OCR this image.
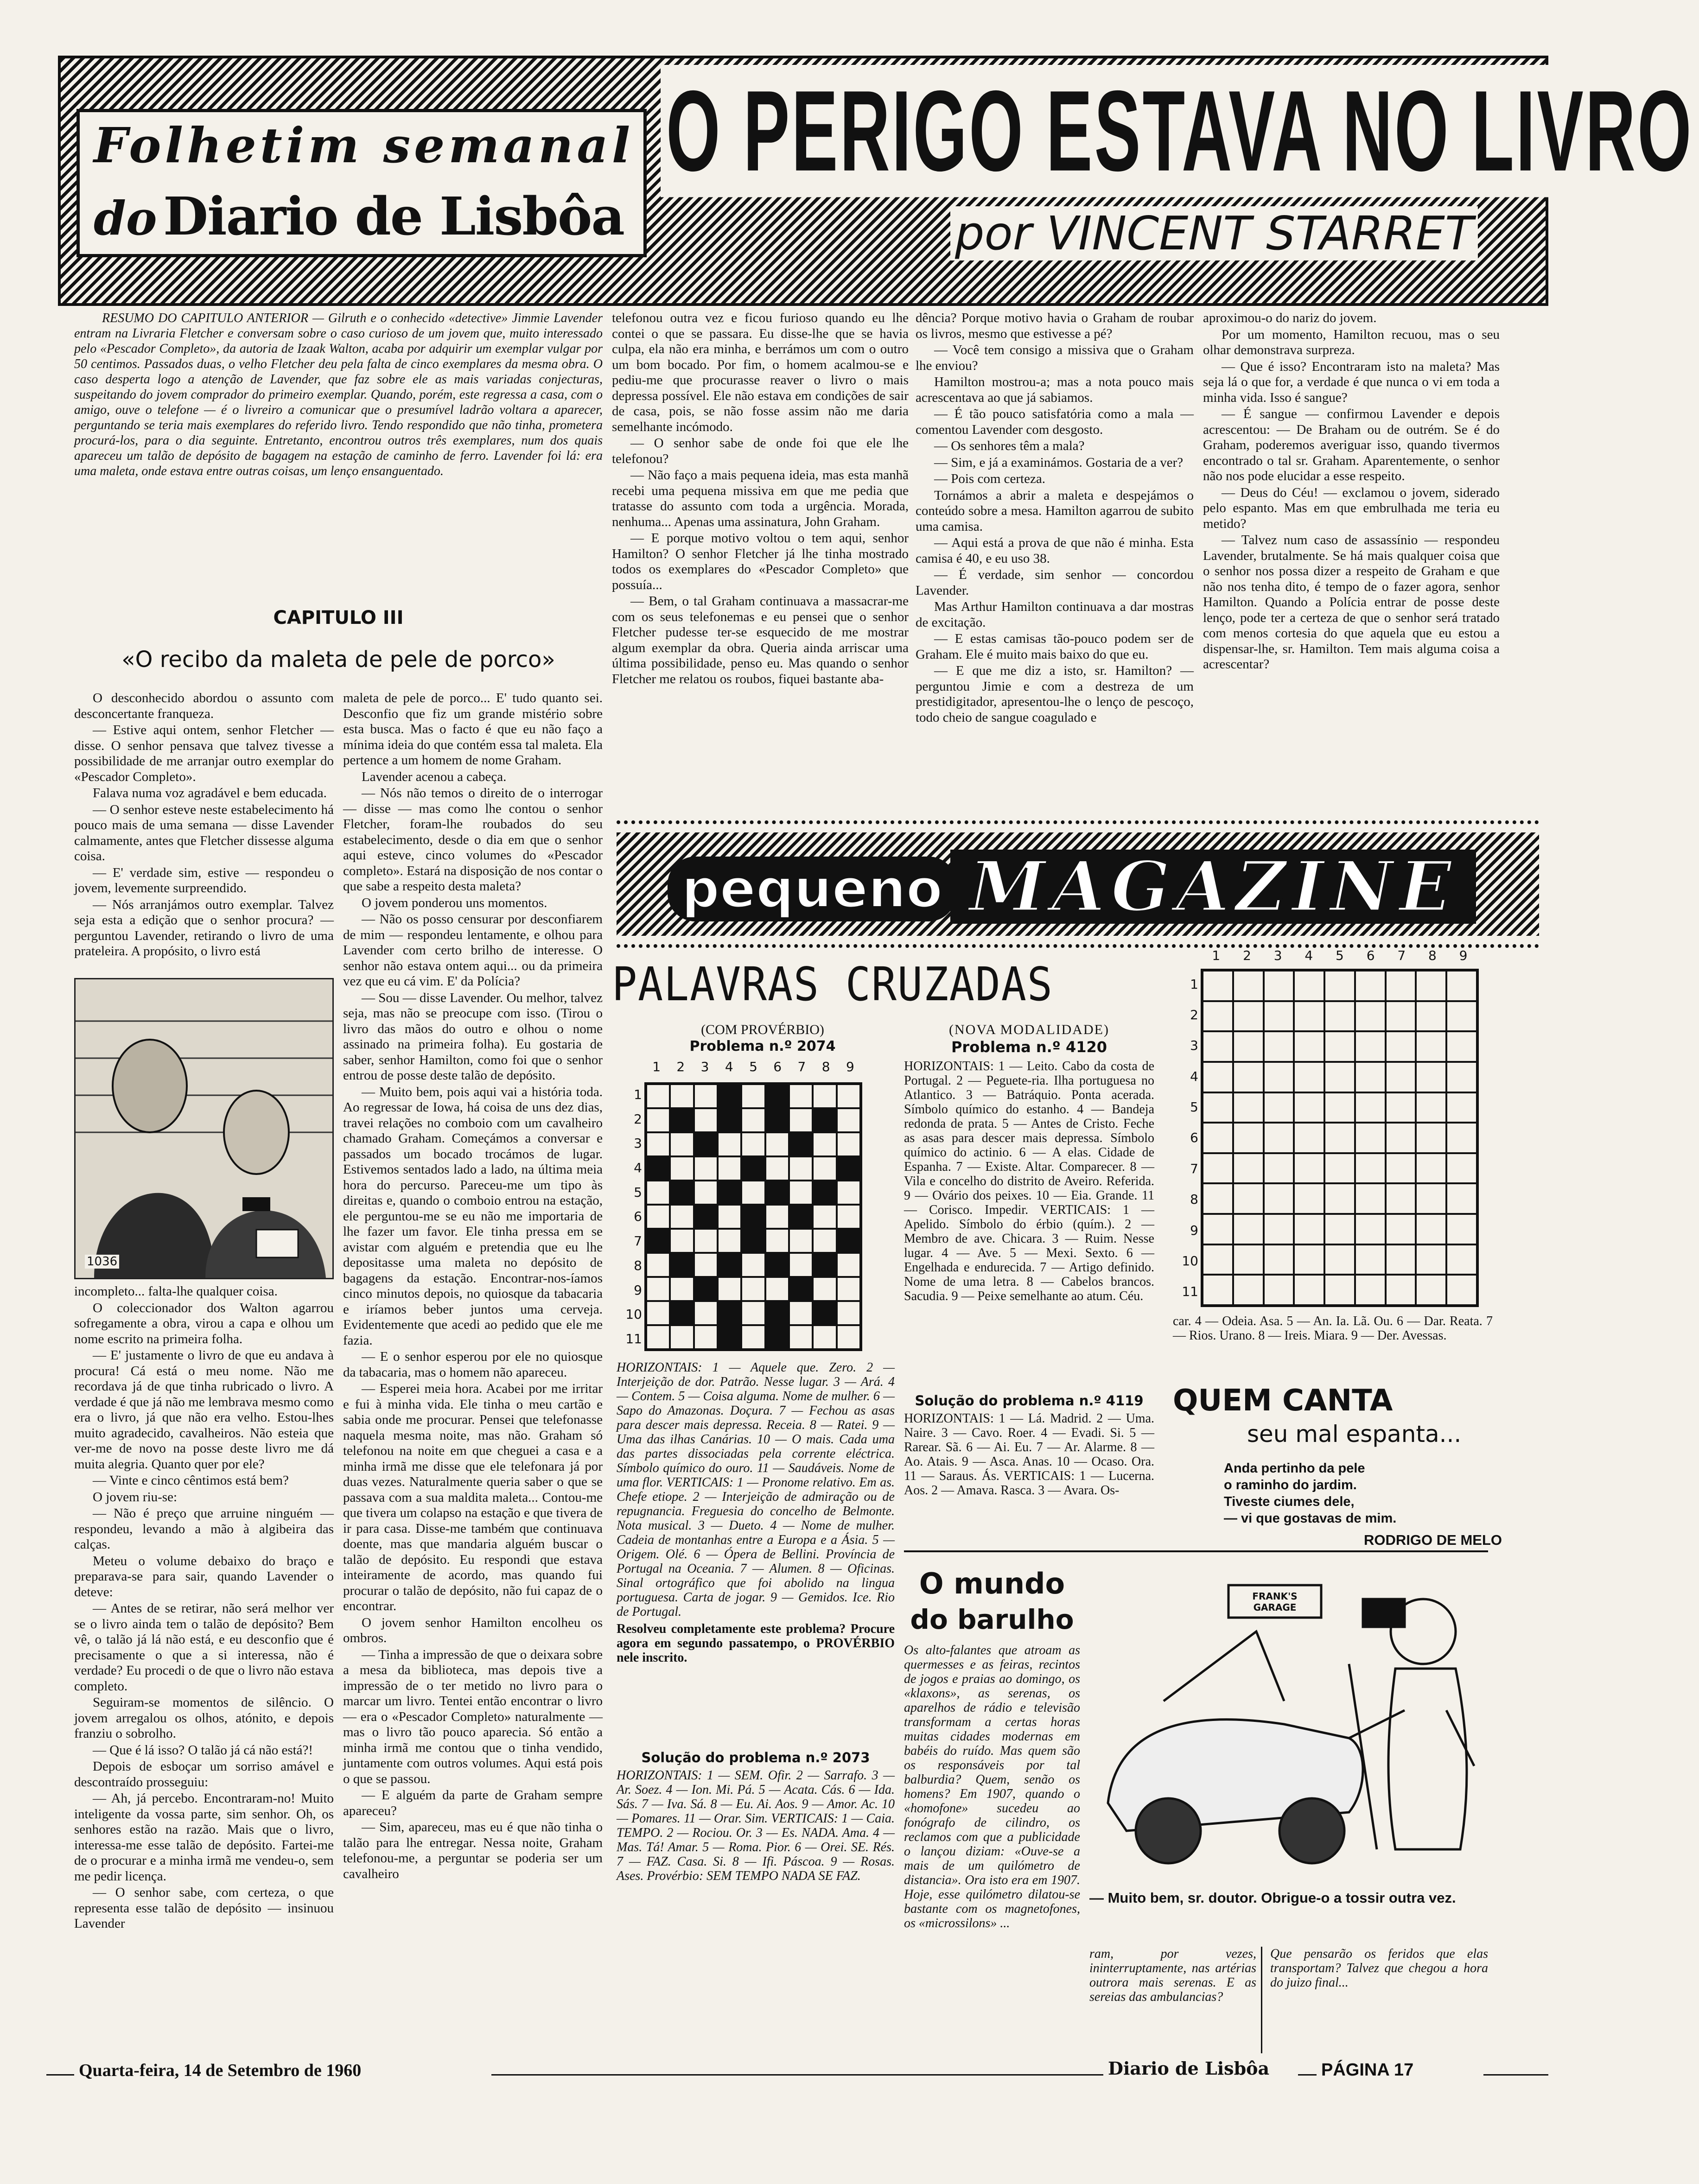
Folhetim semanal
do Diario de Lisbôa
O PERIGO ESTAVA NO LIVRO
por VINCENT STARRET

RESUMO DO CAPITULO ANTERIOR — Gilruth e o conhecido «detective» Jimmie Lavender entram na Livraria Fletcher e conversam sobre o caso curioso de um jovem que, muito interessado pelo «Pescador Completo», da autoria de Izaak Walton, acaba por adquirir um exemplar vulgar por 50 centimos. Passados duas, o velho Fletcher deu pela falta de cinco exemplares da mesma obra. O caso desperta logo a atenção de Lavender, que faz sobre ele as mais variadas conjecturas, suspeitando do jovem comprador do primeiro exemplar. Quando, porém, este regressa a casa, com o amigo, ouve o telefone — é o livreiro a comunicar que o presumível ladrão voltara a aparecer, perguntando se teria mais exemplares do referido livro. Tendo respondido que não tinha, prometera procurá-los, para o dia seguinte. Entretanto, encontrou outros três exemplares, num dos quais apareceu um talão de depósito de bagagem na estação de caminho de ferro. Lavender foi lá: era uma maleta, onde estava entre outras coisas, um lenço ensanguentado.

CAPITULO III
«O recibo da maleta de pele de porco»

O desconhecido abordou o assunto com desconcertante franqueza.

— Estive aqui ontem, senhor Fletcher — disse. O senhor pensava que talvez tivesse a possibilidade de me arranjar outro exemplar do «Pescador Completo».

Falava numa voz agradável e bem educada.

— O senhor esteve neste estabelecimento há pouco mais de uma semana — disse Lavender calmamente, antes que Fletcher dissesse alguma coisa.

— E' verdade sim, estive — respondeu o jovem, levemente surpreendido.

— Nós arranjámos outro exemplar. Talvez seja esta a edição que o senhor procura? — perguntou Lavender, retirando o livro de uma prateleira. A propósito, o livro está

1036

incompleto... falta-lhe qualquer coisa.

O coleccionador dos Walton agarrou sofregamente a obra, virou a capa e olhou um nome escrito na primeira folha.

— E' justamente o livro de que eu andava à procura! Cá está o meu nome. Não me recordava já de que tinha rubricado o livro. A verdade é que já não me lembrava mesmo como era o livro, já que não era velho. Estou-lhes muito agradecido, cavalheiros. Não esteia que ver-me de novo na posse deste livro me dá muita alegria. Quanto quer por ele?

— Vinte e cinco cêntimos está bem?

O jovem riu-se:

— Não é preço que arruine ninguém — respondeu, levando a mão à algibeira das calças.

Meteu o volume debaixo do braço e preparava-se para sair, quando Lavender o deteve:

— Antes de se retirar, não será melhor ver se o livro ainda tem o talão de depósito? Bem vê, o talão já lá não está, e eu desconfio que é precisamente o que a si interessa, não é verdade? Eu procedi o de que o livro não estava completo.

Seguiram-se momentos de silêncio. O jovem arregalou os olhos, atónito, e depois franziu o sobrolho.

— Que é lá isso? O talão já cá não está?!

Depois de esboçar um sorriso amável e descontraído prosseguiu:

— Ah, já percebo. Encontraram-no! Muito inteligente da vossa parte, sim senhor. Oh, os senhores estão na razão. Mais que o livro, interessa-me esse talão de depósito. Fartei-me de o procurar e a minha irmã me vendeu-o, sem me pedir licença.

— O senhor sabe, com certeza, o que representa esse talão de depósito — insinuou Lavender

maleta de pele de porco... E' tudo quanto sei. Desconfio que fiz um grande mistério sobre esta busca. Mas o facto é que eu não faço a mínima ideia do que contém essa tal maleta. Ela pertence a um homem de nome Graham.

Lavender acenou a cabeça.

— Nós não temos o direito de o interrogar — disse — mas como lhe contou o senhor Fletcher, foram-lhe roubados do seu estabelecimento, desde o dia em que o senhor aqui esteve, cinco volumes do «Pescador completo». Estará na disposição de nos contar o que sabe a respeito desta maleta?

O jovem ponderou uns momentos.

— Não os posso censurar por desconfiarem de mim — respondeu lentamente, e olhou para Lavender com certo brilho de interesse. O senhor não estava ontem aqui... ou da primeira vez que eu cá vim. E' da Polícia?

— Sou — disse Lavender. Ou melhor, talvez seja, mas não se preocupe com isso. (Tirou o livro das mãos do outro e olhou o nome assinado na primeira folha). Eu gostaria de saber, senhor Hamilton, como foi que o senhor entrou de posse deste talão de depósito.

— Muito bem, pois aqui vai a história toda. Ao regressar de Iowa, há coisa de uns dez dias, travei relações no comboio com um cavalheiro chamado Graham. Começámos a conversar e passados um bocado trocámos de lugar. Estivemos sentados lado a lado, na última meia hora do percurso. Pareceu-me um tipo às direitas e, quando o comboio entrou na estação, ele perguntou-me se eu não me importaria de lhe fazer um favor. Ele tinha pressa em se avistar com alguém e pretendia que eu lhe depositasse uma maleta no depósito de bagagens da estação. Encontrar-nos-íamos cinco minutos depois, no quiosque da tabacaria e iríamos beber juntos uma cerveja. Evidentemente que acedi ao pedido que ele me fazia.

— E o senhor esperou por ele no quiosque da tabacaria, mas o homem não apareceu.

— Esperei meia hora. Acabei por me irritar e fui à minha vida. Ele tinha o meu cartão e sabia onde me procurar. Pensei que telefonasse naquela mesma noite, mas não. Graham só telefonou na noite em que cheguei a casa e a minha irmã me disse que ele telefonara já por duas vezes. Naturalmente queria saber o que se passava com a sua maldita maleta... Contou-me que tivera um colapso na estação e que tivera de ir para casa. Disse-me também que continuava doente, mas que mandaria alguém buscar o talão de depósito. Eu respondi que estava inteiramente de acordo, mas quando fui procurar o talão de depósito, não fui capaz de o encontrar.

O jovem senhor Hamilton encolheu os ombros.

— Tinha a impressão de que o deixara sobre a mesa da biblioteca, mas depois tive a impressão de o ter metido no livro para o marcar um livro. Tentei então encontrar o livro — era o «Pescador Completo» naturalmente — mas o livro tão pouco aparecia. Só então a minha irmã me contou que o tinha vendido, juntamente com outros volumes. Aqui está pois o que se passou.

— E alguém da parte de Graham sempre apareceu?

— Sim, apareceu, mas eu é que não tinha o talão para lhe entregar. Nessa noite, Graham telefonou-me, a perguntar se poderia ser um cavalheiro

telefonou outra vez e ficou furioso quando eu lhe contei o que se passara. Eu disse-lhe que se havia culpa, ela não era minha, e berrámos um com o outro um bom bocado. Por fim, o homem acalmou-se e pediu-me que procurasse reaver o livro o mais depressa possível. Ele não estava em condições de sair de casa, pois, se não fosse assim não me daria semelhante incómodo.

— O senhor sabe de onde foi que ele lhe telefonou?

— Não faço a mais pequena ideia, mas esta manhã recebi uma pequena missiva em que me pedia que tratasse do assunto com toda a urgência. Morada, nenhuma... Apenas uma assinatura, John Graham.

— E porque motivo voltou o tem aqui, senhor Hamilton? O senhor Fletcher já lhe tinha mostrado todos os exemplares do «Pescador Completo» que possuía...

— Bem, o tal Graham continuava a massacrar-me com os seus telefonemas e eu pensei que o senhor Fletcher pudesse ter-se esquecido de me mostrar algum exemplar da obra. Queria ainda arriscar uma última possibilidade, penso eu. Mas quando o senhor Fletcher me relatou os roubos, fiquei bastante aba-

dência? Porque motivo havia o Graham de roubar os livros, mesmo que estivesse a pé?

— Você tem consigo a missiva que o Graham lhe enviou?

Hamilton mostrou-a; mas a nota pouco mais acrescentava ao que já sabiamos.

— É tão pouco satisfatória como a mala — comentou Lavender com desgosto.

— Os senhores têm a mala?

— Sim, e já a examinámos. Gostaria de a ver?

— Pois com certeza.

Tornámos a abrir a maleta e despejámos o conteúdo sobre a mesa. Hamilton agarrou de subito uma camisa.

— Aqui está a prova de que não é minha. Esta camisa é 40, e eu uso 38.

— É verdade, sim senhor — concordou Lavender.

Mas Arthur Hamilton continuava a dar mostras de excitação.

— E estas camisas tão-pouco podem ser de Graham. Ele é muito mais baixo do que eu.

— E que me diz a isto, sr. Hamilton? — perguntou Jimie e com a destreza de um prestidigitador, apresentou-lhe o lenço de pescoço, todo cheio de sangue coagulado e

aproximou-o do nariz do jovem.

Por um momento, Hamilton recuou, mas o seu olhar demonstrava surpreza.

— Que é isso? Encontraram isto na maleta? Mas seja lá o que for, a verdade é que nunca o vi em toda a minha vida. Isso é sangue?

— É sangue — confirmou Lavender e depois acrescentou: — De Braham ou de outrém. Se é do Graham, poderemos averiguar isso, quando tivermos encontrado o tal sr. Graham. Aparentemente, o senhor não nos pode elucidar a esse respeito.

— Deus do Céu! — exclamou o jovem, siderado pelo espanto. Mas em que embrulhada me teria eu metido?

— Talvez num caso de assassínio — respondeu Lavender, brutalmente. Se há mais qualquer coisa que o senhor nos possa dizer a respeito de Graham e que não nos tenha dito, é tempo de o fazer agora, senhor Hamilton. Quando a Polícia entrar de posse deste lenço, pode ter a certeza de que o senhor será tratado com menos cortesia do que aquela que eu estou a dispensar-lhe, sr. Hamilton. Tem mais alguma coisa a acrescentar?

pequeno MAGAZINE
PALAVRAS CRUZADAS
(COM PROVÉRBIO)
Problema n.º 2074
1 2 3 4 5 6 7 8 9
1
2
3
4
5
6
7
8
9
10
11
(NOVA MODALIDADE)
Problema n.º 4120
HORIZONTAIS: 1 — Leito. Cabo da costa de Portugal. 2 — Peguete-ria. Ilha portuguesa no Atlantico. 3 — Batráquio. Ponta acerada. Símbolo químico do estanho. 4 — Bandeja redonda de prata. 5 — Antes de Cristo. Feche as asas para descer mais depressa. Símbolo químico do actinio. 6 — A elas. Cidade de Espanha. 7 — Existe. Altar. Comparecer. 8 — Vila e concelho do distrito de Aveiro. Referida. 9 — Ovário dos peixes. 10 — Eia. Grande. 11 — Corisco. Impedir. VERTICAIS: 1 — Apelido. Símbolo do érbio (quím.). 2 — Membro de ave. Chicara. 3 — Ruim. Nesse lugar. 4 — Ave. 5 — Mexi. Sexto. 6 — Engelhada e endurecida. 7 — Artigo definido. Nome de uma letra. 8 — Cabelos brancos. Sacudia. 9 — Peixe semelhante ao atum. Céu.
1 2 3 4 5 6 7 8 9
1
2
3
4
5
6
7
8
9
10
11
car. 4 — Odeia. Asa. 5 — An. Ia. Lã. Ou. 6 — Dar. Reata. 7 — Rios. Urano. 8 — Ireis. Miara. 9 — Der. Avessas.
HORIZONTAIS: 1 — Aquele que. Zero. 2 — Interjeição de dor. Patrão. Nesse lugar. 3 — Ará. 4 — Contem. 5 — Coisa alguma. Nome de mulher. 6 — Sapo do Amazonas. Doçura. 7 — Fechou as asas para descer mais depressa. Receia. 8 — Ratei. 9 — Uma das ilhas Canárias. 10 — O mais. Cada uma das partes dissociadas pela corrente eléctrica. Símbolo químico do ouro. 11 — Saudáveis. Nome de uma flor. VERTICAIS: 1 — Pronome relativo. Em as. Chefe etiope. 2 — Interjeição de admiração ou de repugnancia. Freguesia do concelho de Belmonte. Nota musical. 3 — Dueto. 4 — Nome de mulher. Cadeia de montanhas entre a Europa e a Ásia. 5 — Origem. Olé. 6 — Ópera de Bellini. Província de Portugal na Oceania. 7 — Alumen. 8 — Oficinas. Sinal ortográfico que foi abolido na lingua portuguesa. Carta de jogar. 9 — Gemidos. Ice. Rio de Portugal.
Resolveu completamente este problema? Procure agora em segundo passatempo, o PROVÉRBIO nele inscrito.
Solução do problema n.º 2073
HORIZONTAIS: 1 — SEM. Ofir. 2 — Sarrafo. 3 — Ar. Soez. 4 — Ion. Mi. Pá. 5 — Acata. Cás. 6 — Ida. Sás. 7 — Iva. Sá. 8 — Eu. Ai. Aos. 9 — Amor. Ac. 10 — Pomares. 11 — Orar. Sim. VERTICAIS: 1 — Caia. TEMPO. 2 — Rociou. Or. 3 — Es. NADA. Ama. 4 — Mas. Tá! Amar. 5 — Roma. Pior. 6 — Orei. SE. Rés. 7 — FAZ. Casa. Si. 8 — Ifi. Páscoa. 9 — Rosas. Ases. Provérbio: SEM TEMPO NADA SE FAZ.
Solução do problema n.º 4119
HORIZONTAIS: 1 — Lá. Madrid. 2 — Uma. Naire. 3 — Cavo. Roer. 4 — Evadi. Si. 5 — Rarear. Sã. 6 — Ai. Eu. 7 — Ar. Alarme. 8 — Ao. Atais. 9 — Asca. Anas. 10 — Ocaso. Ora. 11 — Saraus. Ás. VERTICAIS: 1 — Lucerna. Aos. 2 — Amava. Rasca. 3 — Avara. Os-
QUEM CANTA
seu mal espanta...
Anda pertinho da pele
o raminho do jardim.
Tiveste ciumes dele,
— vi que gostavas de mim.
RODRIGO DE MELO
O mundo
do barulho
Os alto-falantes que atroam as quermesses e as feiras, recintos de jogos e praias ao domingo, os «klaxons», as serenas, os aparelhos de rádio e televisão transformam a certas horas muitas cidades modernas em babéis do ruído. Mas quem são os responsáveis por tal balburdia? Quem, senão os homens? Em 1907, quando o «homofone» sucedeu ao fonógrafo de cilindro, os reclamos com que a publicidade o lançou diziam: «Ouve-se a mais de um quilómetro de distancia». Ora isto era em 1907. Hoje, esse quilómetro dilatou-se bastante com os magnetofones, os «microssilons» ...
FRANK'S GARAGE
— Muito bem, sr. doutor. Obrigue-o a tossir outra vez.
ram, por vezes, ininterruptamente, nas artérias outrora mais serenas. E as sereias das ambulancias?
Que pensarão os feridos que elas transportam? Talvez que chegou a hora do juizo final...
Quarta-feira, 14 de Setembro de 1960	Diario de Lisbôa	PÁGINA 17
